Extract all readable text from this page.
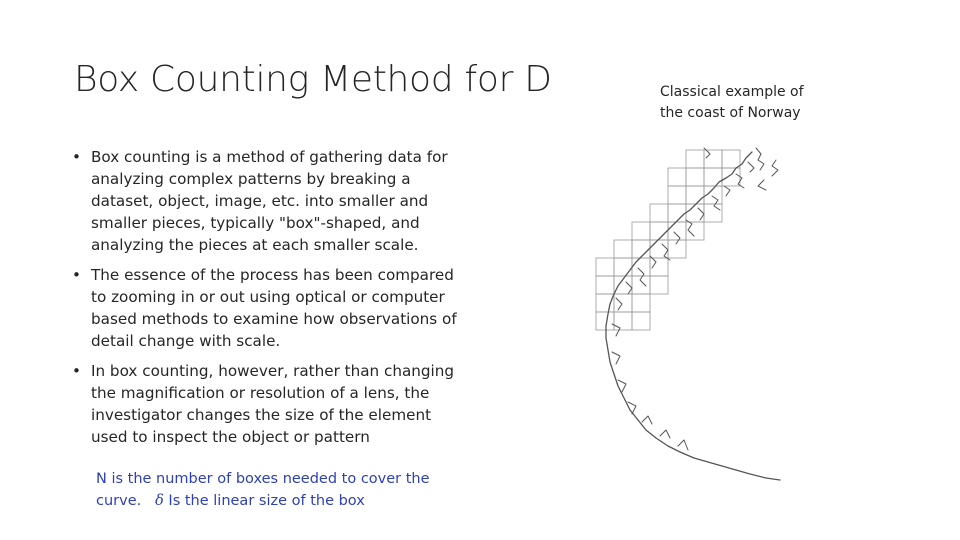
Box Counting Method for D
• Box counting is a method of gathering data for analyzing complex patterns by breaking a dataset, object, image, etc. into smaller and smaller pieces, typically "box"-shaped, and analyzing the pieces at each smaller scale.
• The essence of the process has been compared to zooming in or out using optical or computer based methods to examine how observations of detail change with scale.
• In box counting, however, rather than changing the magnification or resolution of a lens, the investigator changes the size of the element used to inspect the object or pattern
N is the number of boxes needed to cover the
curve. δ Is the linear size of the box
Classical example of
the coast of Norway
